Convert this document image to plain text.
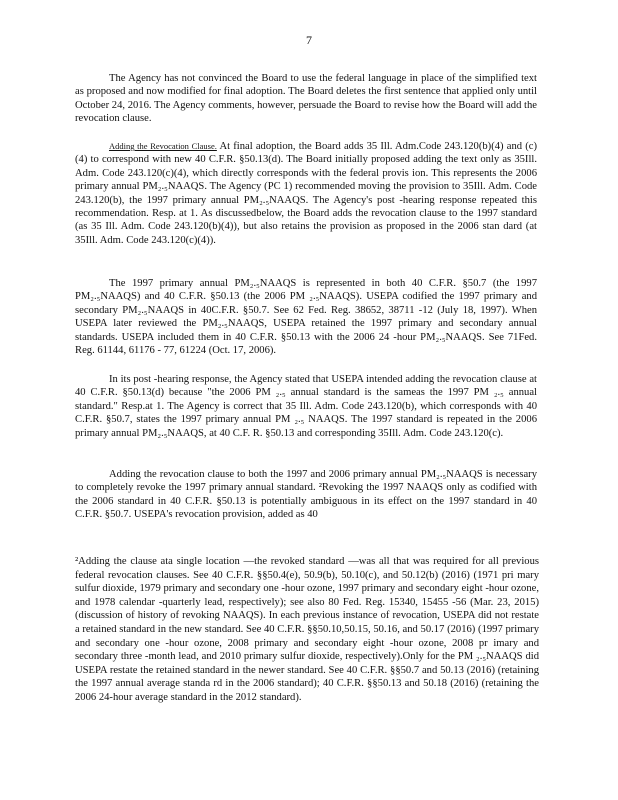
7

The Agency has not convinced the Board to use the federal language in place of the simplified text as proposed and now modified for final adoption. The Board deletes the first sentence that applied only until October 24, 2016. The Agency comments, however, persuade the Board to revise how the Board will add the revocation clause.

Adding the Revocation Clause. At final adoption, the Board adds 35 Ill. Adm.Code 243.120(b)(4) and (c)(4) to correspond with new 40 C.F.R. §50.13(d). The Board initially proposed adding the text only as 35Ill. Adm. Code 243.120(c)(4), which directly corresponds with the federal provis ion. This represents the 2006 primary annual PM₂.₅NAAQS. The Agency (PC 1) recommended moving the provision to 35Ill. Adm. Code 243.120(b), the 1997 primary annual PM₂.₅NAAQS. The Agency's post -hearing response repeated this recommendation. Resp. at 1. As discussedbelow, the Board adds the revocation clause to the 1997 standard (as 35 Ill. Adm. Code 243.120(b)(4)), but also retains the provision as proposed in the 2006 stan dard (at 35Ill. Adm. Code 243.120(c)(4)).

The 1997 primary annual PM₂.₅NAAQS is represented in both 40 C.F.R. §50.7 (the 1997 PM₂.₅NAAQS) and 40 C.F.R. §50.13 (the 2006 PM ₂.₅NAAQS). USEPA codified the 1997 primary and secondary PM₂.₅NAAQS in 40C.F.R. §50.7. See 62 Fed. Reg. 38652, 38711 -12 (July 18, 1997). When USEPA later reviewed the PM₂.₅NAAQS, USEPA retained the 1997 primary and secondary annual standards. USEPA included them in 40 C.F.R. §50.13 with the 2006 24 -hour PM₂.₅NAAQS. See 71Fed. Reg. 61144, 61176 - 77, 61224 (Oct. 17, 2006).

In its post -hearing response, the Agency stated that USEPA intended adding the revocation clause at 40 C.F.R. §50.13(d) because "the 2006 PM ₂.₅ annual standard is the sameas the 1997 PM ₂.₅ annual standard." Resp.at 1. The Agency is correct that 35 Ill. Adm. Code 243.120(b), which corresponds with 40 C.F.R. §50.7, states the 1997 primary annual PM ₂.₅ NAAQS. The 1997 standard is repeated in the 2006 primary annual PM₂.₅NAAQS, at 40 C.F. R. §50.13 and corresponding 35Ill. Adm. Code 243.120(c).

Adding the revocation clause to both the 1997 and 2006 primary annual PM₂.₅NAAQS is necessary to completely revoke the 1997 primary annual standard. ²Revoking the 1997 NAAQS only as codified with the 2006 standard in 40 C.F.R. §50.13 is potentially ambiguous in its effect on the 1997 standard in 40 C.F.R. §50.7. USEPA's revocation provision, added as 40

²Adding the clause ata single location —the revoked standard —was all that was required for all previous federal revocation clauses. See 40 C.F.R. §§50.4(e), 50.9(b), 50.10(c), and 50.12(b) (2016) (1971 pri mary sulfur dioxide, 1979 primary and secondary one -hour ozone, 1997 primary and secondary eight -hour ozone, and 1978 calendar -quarterly lead, respectively); see also 80 Fed. Reg. 15340, 15455 -56 (Mar. 23, 2015) (discussion of history of revoking NAAQS). In each previous instance of revocation, USEPA did not restate a retained standard in the new standard. See 40 C.F.R. §§50.10,50.15, 50.16, and 50.17 (2016) (1997 primary and secondary one -hour ozone, 2008 primary and secondary eight -hour ozone, 2008 pr imary and secondary three -month lead, and 2010 primary sulfur dioxide, respectively).Only for the PM ₂.₅NAAQS did USEPA restate the retained standard in the newer standard. See 40 C.F.R. §§50.7 and 50.13 (2016) (retaining the 1997 annual average standa rd in the 2006 standard); 40 C.F.R. §§50.13 and 50.18 (2016) (retaining the 2006 24-hour average standard in the 2012 standard).
